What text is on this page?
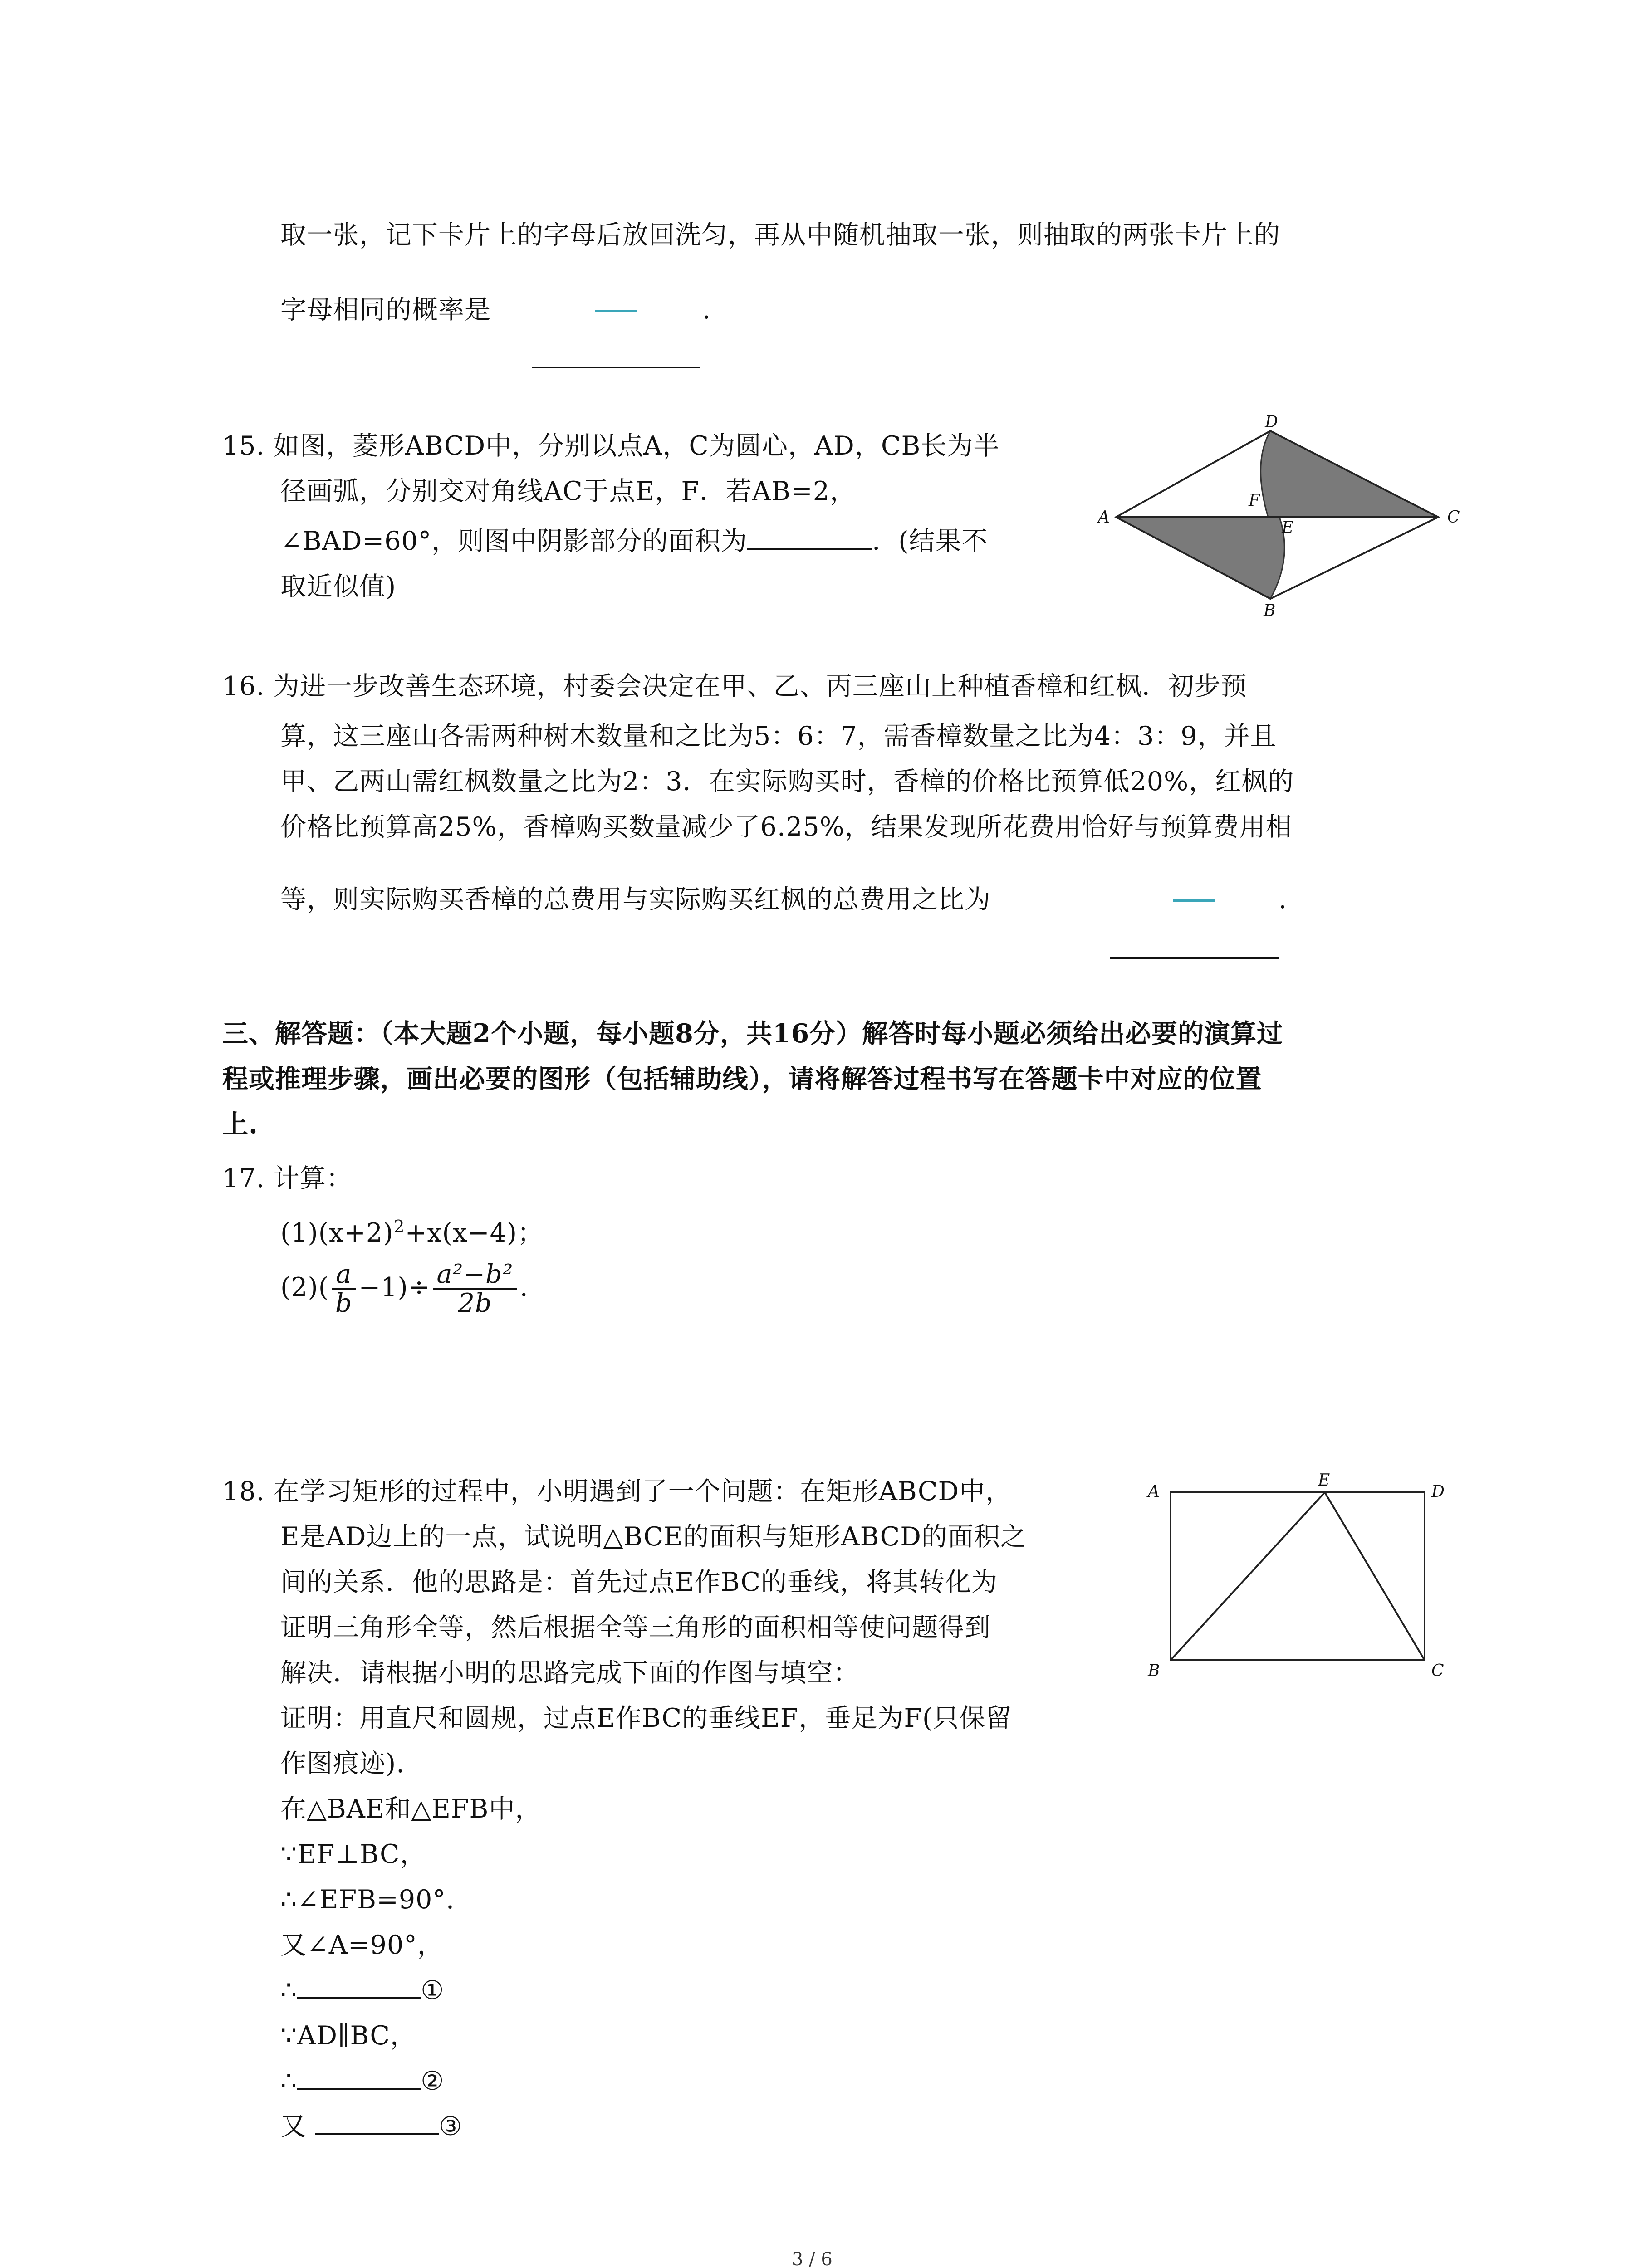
取一张，记下卡片上的字母后放回洗匀，再从中随机抽取一张，则抽取的两张卡片上的
字母相同的概率是	.
15. 如图，菱形ABCD中，分别以点A，C为圆心，AD，CB长为半
径画弧，分别交对角线AC于点E，F．若AB=2，
∠BAD=60°，则图中阴影部分的面积为	．(结果不
取近似值)
A
D
C
B
F
E
16. 为进一步改善生态环境，村委会决定在甲、乙、丙三座山上种植香樟和红枫．初步预
算，这三座山各需两种树木数量和之比为5：6：7，需香樟数量之比为4：3：9，并且
甲、乙两山需红枫数量之比为2：3．在实际购买时，香樟的价格比预算低20%，红枫的
价格比预算高25%，香樟购买数量减少了6.25%，结果发现所花费用恰好与预算费用相
等，则实际购买香樟的总费用与实际购买红枫的总费用之比为	.
三、解答题：（本大题2个小题，每小题8分，共16分）解答时每小题必须给出必要的演算过
程或推理步骤，画出必要的图形（包括辅助线），请将解答过程书写在答题卡中对应的位置
上.
17. 计算：
$(1)(x+2)^2+x(x-4)$；
$(2)( \frac{a}{b} -1)\div \frac{\text{a²−b²}}{2b}$ .
18. 在学习矩形的过程中，小明遇到了一个问题：在矩形ABCD中，
E是AD边上的一点，试说明△BCE的面积与矩形ABCD的面积之
间的关系．他的思路是：首先过点E作BC的垂线，将其转化为
证明三角形全等，然后根据全等三角形的面积相等使问题得到
解决．请根据小明的思路完成下面的作图与填空：
证明：用直尺和圆规，过点E作BC的垂线EF，垂足为F(只保留
作图痕迹).
在△BAE和△EFB中，
∵EF⊥BC，
∴∠EFB=90°.
又∠A=90°，
∴	①
∵AD∥BC，
∴	②
又	③
A
E
D
B	C
3 / 6
